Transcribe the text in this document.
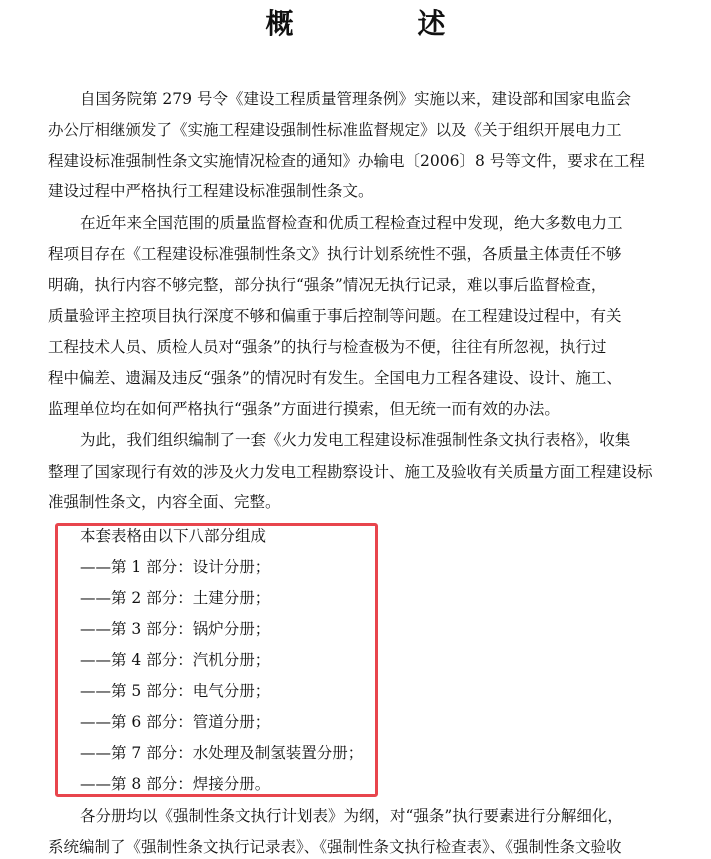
概　述
自国务院第 279 号令《建设工程质量管理条例》实施以来，建设部和国家电监会
办公厅相继颁发了《实施工程建设强制性标准监督规定》以及《关于组织开展电力工
程建设标准强制性条文实施情况检查的通知》办输电〔2006〕8 号等文件，要求在工程
建设过程中严格执行工程建设标准强制性条文。
在近年来全国范围的质量监督检查和优质工程检查过程中发现，绝大多数电力工
程项目存在《工程建设标准强制性条文》执行计划系统性不强，各质量主体责任不够
明确，执行内容不够完整，部分执行“强条”情况无执行记录，难以事后监督检查，
质量验评主控项目执行深度不够和偏重于事后控制等问题。在工程建设过程中，有关
工程技术人员、质检人员对“强条”的执行与检查极为不便，往往有所忽视，执行过
程中偏差、遗漏及违反“强条”的情况时有发生。全国电力工程各建设、设计、施工、
监理单位均在如何严格执行“强条”方面进行摸索，但无统一而有效的办法。
为此，我们组织编制了一套《火力发电工程建设标准强制性条文执行表格》，收集
整理了国家现行有效的涉及火力发电工程勘察设计、施工及验收有关质量方面工程建设标
准强制性条文，内容全面、完整。
本套表格由以下八部分组成
——第 1 部分：设计分册；
——第 2 部分：土建分册；
——第 3 部分：锅炉分册；
——第 4 部分：汽机分册；
——第 5 部分：电气分册；
——第 6 部分：管道分册；
——第 7 部分：水处理及制氢装置分册；
——第 8 部分：焊接分册。
各分册均以《强制性条文执行计划表》为纲，对“强条”执行要素进行分解细化，
系统编制了《强制性条文执行记录表》、《强制性条文执行检查表》、《强制性条文验收
